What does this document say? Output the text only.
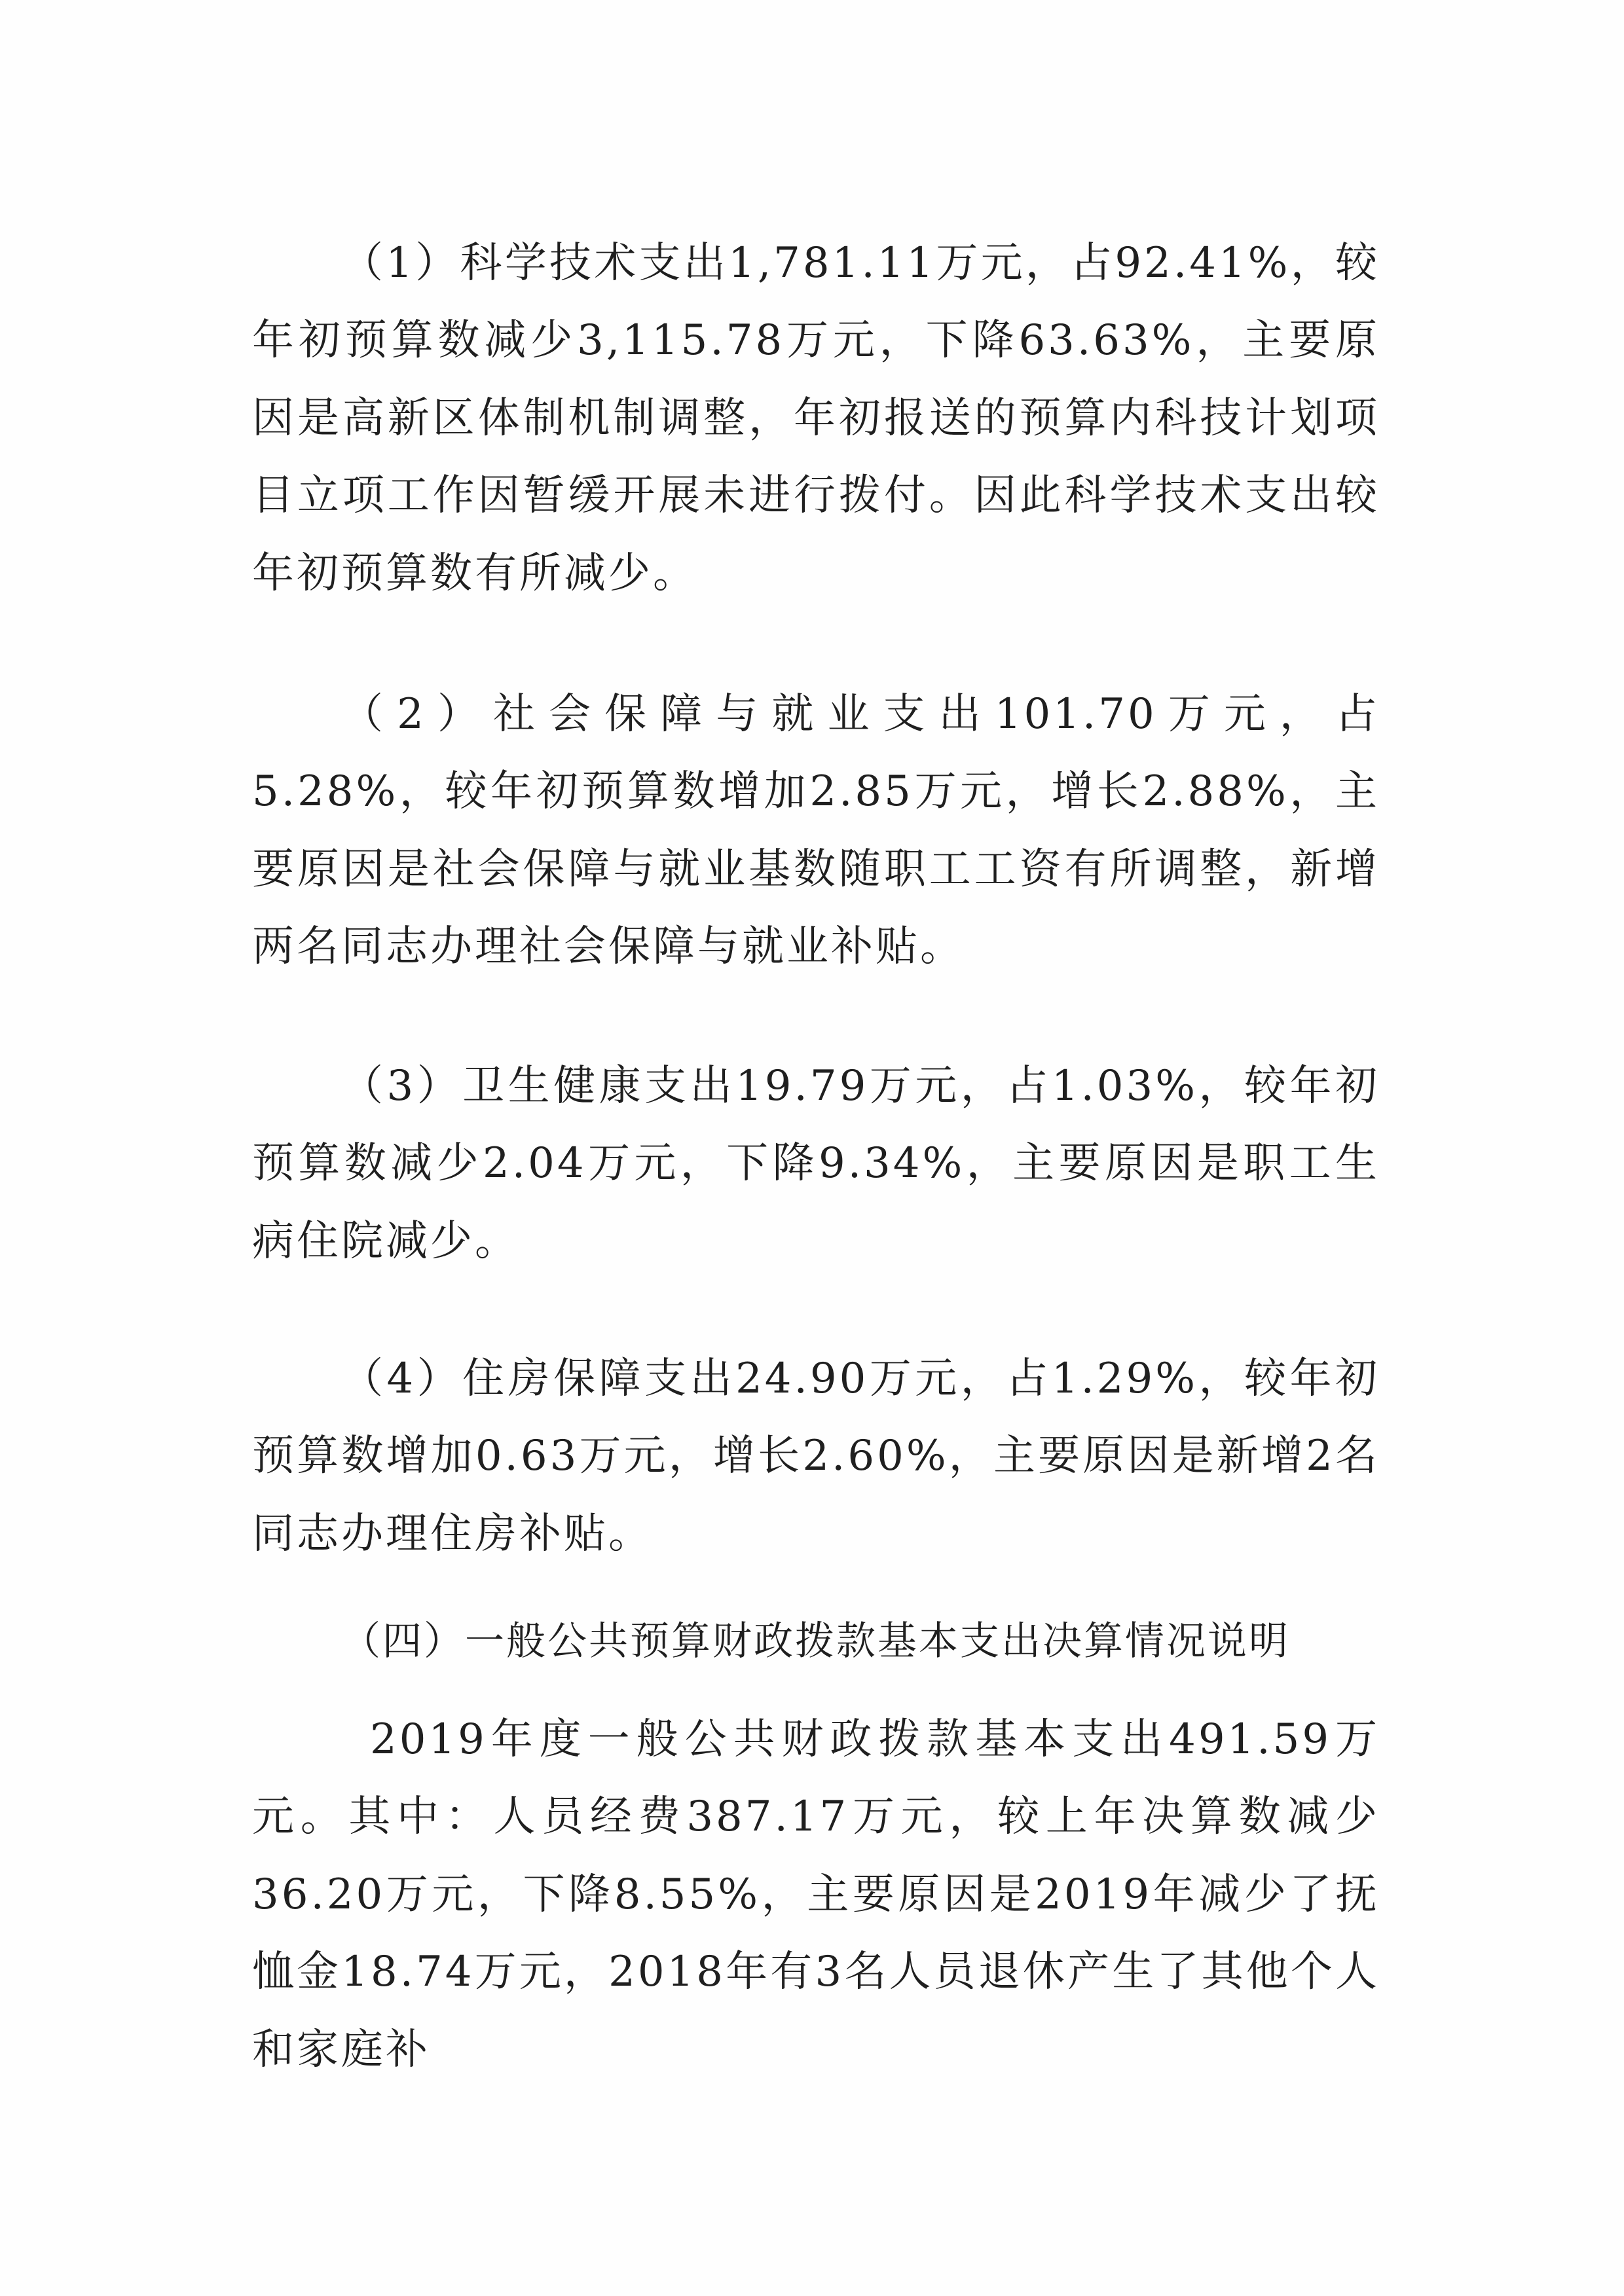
（1）科学技术支出1,781.11万元，占92.41%，较年初预算数减少3,115.78万元，下降63.63%，主要原因是高新区体制机制调整，年初报送的预算内科技计划项目立项工作因暂缓开展未进行拨付。因此科学技术支出较年初预算数有所减少。

（2）社会保障与就业支出101.70万元，占5.28%，较年初预算数增加2.85万元，增长2.88%，主要原因是社会保障与就业基数随职工工资有所调整，新增两名同志办理社会保障与就业补贴。

（3）卫生健康支出19.79万元，占1.03%，较年初预算数减少2.04万元，下降9.34%，主要原因是职工生病住院减少。

（4）住房保障支出24.90万元，占1.29%，较年初预算数增加0.63万元，增长2.60%，主要原因是新增2名同志办理住房补贴。

（四）一般公共预算财政拨款基本支出决算情况说明

2019年度一般公共财政拨款基本支出491.59万元。其中：人员经费387.17万元，较上年决算数减少36.20万元，下降8.55%，主要原因是2019年减少了抚恤金18.74万元，2018年有3名人员退休产生了其他个人和家庭补
